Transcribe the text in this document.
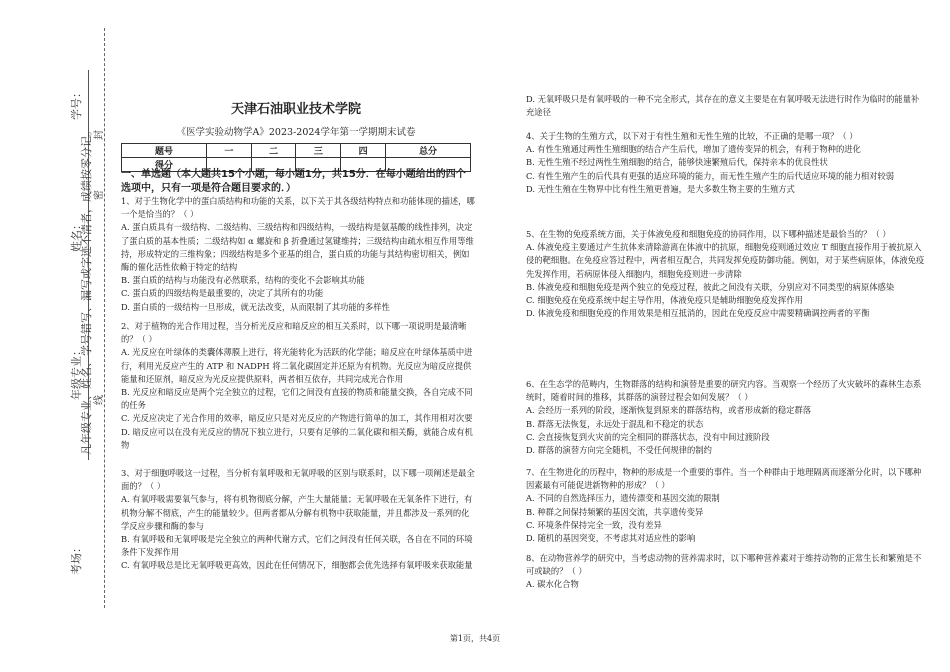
学号：
姓名：
年级专业：
考场：
密
封
线
凡年级专业、姓名、学号错写、漏写或字迹不清者，成绩按零分记。
天津石油职业技术学院
《医学实验动物学A》2023-2024学年第一学期期末试卷
题号	一	二	三	四	总分
得分					
一、单选题（本大题共15个小题，每小题1分，共15分．在每小题给出的四个选项中，只有一项是符合题目要求的．）

1、对于生物化学中的蛋白质结构和功能的关系，以下关于其各级结构特点和功能体现的描述，哪一个是恰当的？（ ）

A. 蛋白质具有一级结构、二级结构、三级结构和四级结构，一级结构是氨基酸的线性排列，决定了蛋白质的基本性质；二级结构如 α 螺旋和 β 折叠通过氢键维持；三级结构由疏水相互作用等维持，形成特定的三维构象；四级结构是多个亚基的组合，蛋白质的功能与其结构密切相关，例如酶的催化活性依赖于特定的结构

B. 蛋白质的结构与功能没有必然联系，结构的变化不会影响其功能

C. 蛋白质的四级结构是最重要的，决定了其所有的功能

D. 蛋白质的一级结构一旦形成，就无法改变，从而限制了其功能的多样性

2、对于植物的光合作用过程，当分析光反应和暗反应的相互关系时，以下哪一项说明是最清晰的？（ ）

A. 光反应在叶绿体的类囊体薄膜上进行，将光能转化为活跃的化学能；暗反应在叶绿体基质中进行，利用光反应产生的 ATP 和 NADPH 将二氧化碳固定并还原为有机物。光反应为暗反应提供能量和还原剂，暗反应为光反应提供原料，两者相互依存，共同完成光合作用

B. 光反应和暗反应是两个完全独立的过程，它们之间没有直接的物质和能量交换，各自完成不同的任务

C. 光反应决定了光合作用的效率，暗反应只是对光反应的产物进行简单的加工，其作用相对次要

D. 暗反应可以在没有光反应的情况下独立进行，只要有足够的二氧化碳和相关酶，就能合成有机物

3、对于细胞呼吸这一过程，当分析有氧呼吸和无氧呼吸的区别与联系时，以下哪一项阐述是最全面的？（ ）

A. 有氧呼吸需要氧气参与，将有机物彻底分解，产生大量能量；无氧呼吸在无氧条件下进行，有机物分解不彻底，产生的能量较少。但两者都从分解有机物中获取能量，并且都涉及一系列的化学反应步骤和酶的参与

B. 有氧呼吸和无氧呼吸是完全独立的两种代谢方式，它们之间没有任何关联，各自在不同的环境条件下发挥作用

C. 有氧呼吸总是比无氧呼吸更高效，因此在任何情况下，细胞都会优先选择有氧呼吸来获取能量

D. 无氧呼吸只是有氧呼吸的一种不完全形式，其存在的意义主要是在有氧呼吸无法进行时作为临时的能量补充途径

4、关于生物的生殖方式，以下对于有性生殖和无性生殖的比较，不正确的是哪一项？（ ）

A. 有性生殖通过两性生殖细胞的结合产生后代，增加了遗传变异的机会，有利于物种的进化

B. 无性生殖不经过两性生殖细胞的结合，能够快速繁殖后代，保持亲本的优良性状

C. 有性生殖产生的后代具有更强的适应环境的能力，而无性生殖产生的后代适应环境的能力相对较弱

D. 无性生殖在生物界中比有性生殖更普遍，是大多数生物主要的生殖方式

5、在生物的免疫系统方面，关于体液免疫和细胞免疫的协同作用，以下哪种描述是最恰当的？（ ）

A. 体液免疫主要通过产生抗体来清除游离在体液中的抗原，细胞免疫则通过效应 T 细胞直接作用于被抗原入侵的靶细胞。在免疫应答过程中，两者相互配合，共同发挥免疫防御功能。例如，对于某些病原体，体液免疫先发挥作用，若病原体侵入细胞内，细胞免疫则进一步清除

B. 体液免疫和细胞免疫是两个独立的免疫过程，彼此之间没有关联，分别应对不同类型的病原体感染

C. 细胞免疫在免疫系统中起主导作用，体液免疫只是辅助细胞免疫发挥作用

D. 体液免疫和细胞免疫的作用效果是相互抵消的，因此在免疫反应中需要精确调控两者的平衡

6、在生态学的范畴内，生物群落的结构和演替是重要的研究内容。当观察一个经历了火灾破坏的森林生态系统时，随着时间的推移，其群落的演替过程会如何发展？（ ）

A. 会经历一系列的阶段，逐渐恢复到原来的群落结构，或者形成新的稳定群落

B. 群落无法恢复，永远处于混乱和不稳定的状态

C. 会直接恢复到火灾前的完全相同的群落状态，没有中间过渡阶段

D. 群落的演替方向完全随机，不受任何规律的制约

7、在生物进化的历程中，物种的形成是一个重要的事件。当一个种群由于地理隔离而逐渐分化时，以下哪种因素最有可能促进新物种的形成？（ ）

A. 不同的自然选择压力，遗传漂变和基因交流的限制

B. 种群之间保持频繁的基因交流，共享遗传变异

C. 环境条件保持完全一致，没有差异

D. 随机的基因突变，不考虑其对适应性的影响

8、在动物营养学的研究中，当考虑动物的营养需求时，以下哪种营养素对于维持动物的正常生长和繁殖是不可或缺的？（ ）

A. 碳水化合物

第1页，共4页
